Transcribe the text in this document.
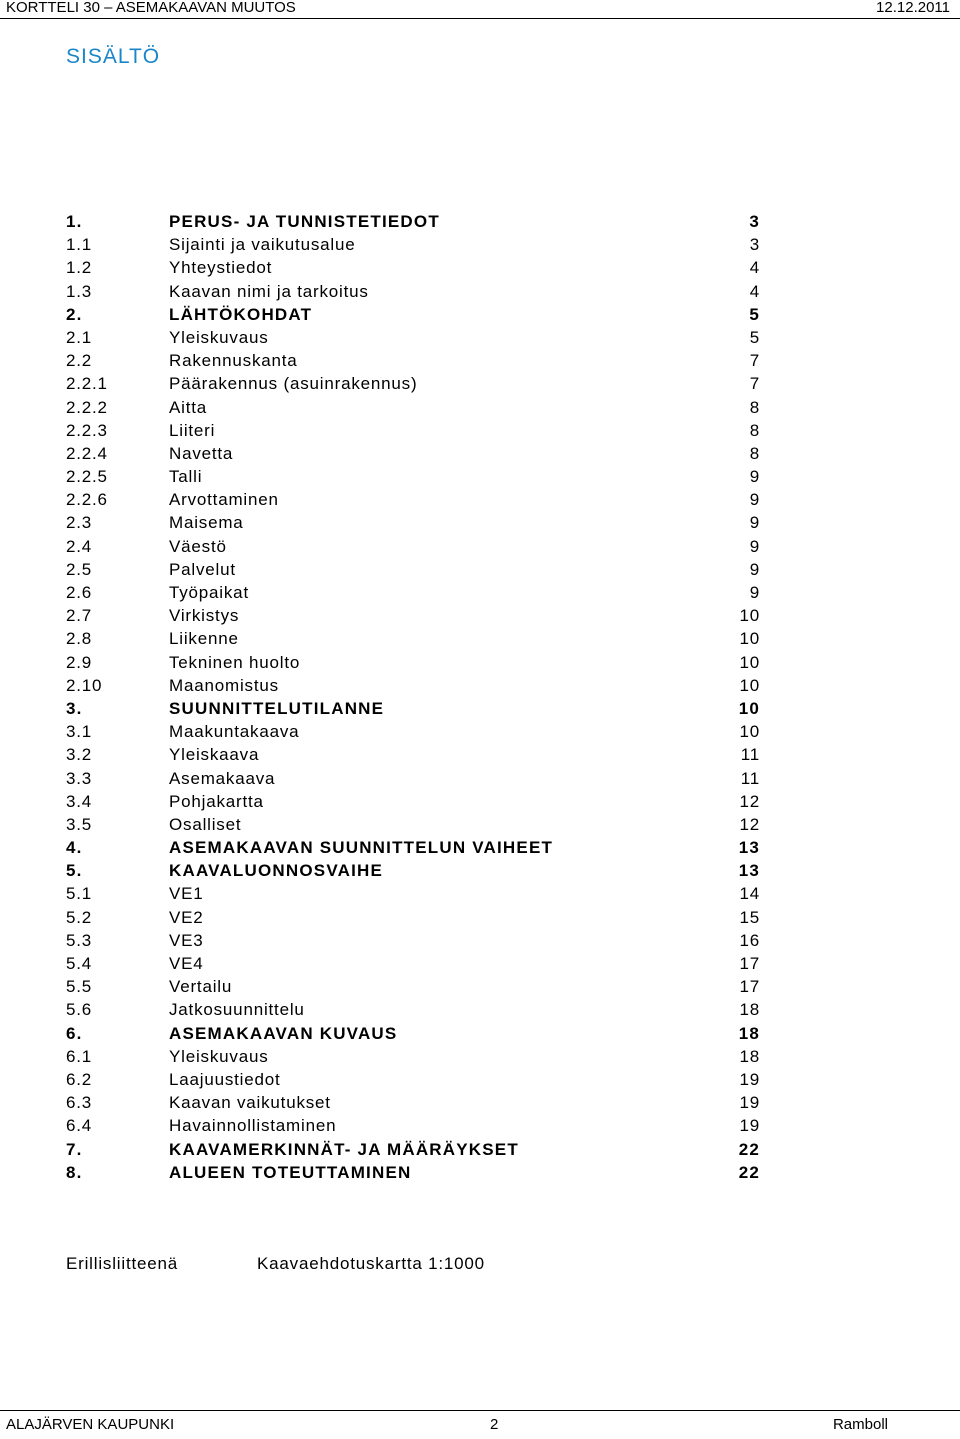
KORTTELI 30 – ASEMAKAAVAN MUUTOS	12.12.2011
SISÄLTÖ
1.	PERUS- JA TUNNISTETIEDOT	3
1.1	Sijainti ja vaikutusalue	3
1.2	Yhteystiedot	4
1.3	Kaavan nimi ja tarkoitus	4
2.	LÄHTÖKOHDAT	5
2.1	Yleiskuvaus	5
2.2	Rakennuskanta	7
2.2.1	Päärakennus (asuinrakennus)	7
2.2.2	Aitta	8
2.2.3	Liiteri	8
2.2.4	Navetta	8
2.2.5	Talli	9
2.2.6	Arvottaminen	9
2.3	Maisema	9
2.4	Väestö	9
2.5	Palvelut	9
2.6	Työpaikat	9
2.7	Virkistys	10
2.8	Liikenne	10
2.9	Tekninen huolto	10
2.10	Maanomistus	10
3.	SUUNNITTELUTILANNE	10
3.1	Maakuntakaava	10
3.2	Yleiskaava	11
3.3	Asemakaava	11
3.4	Pohjakartta	12
3.5	Osalliset	12
4.	ASEMAKAAVAN SUUNNITTELUN VAIHEET	13
5.	KAAVALUONNOSVAIHE	13
5.1	VE1	14
5.2	VE2	15
5.3	VE3	16
5.4	VE4	17
5.5	Vertailu	17
5.6	Jatkosuunnittelu	18
6.	ASEMAKAAVAN KUVAUS	18
6.1	Yleiskuvaus	18
6.2	Laajuustiedot	19
6.3	Kaavan vaikutukset	19
6.4	Havainnollistaminen	19
7.	KAAVAMERKINNÄT- JA MÄÄRÄYKSET	22
8.	ALUEEN TOTEUTTAMINEN	22
Erillisliitteenä	Kaavaehdotuskartta 1:1000
ALAJÄRVEN KAUPUNKI	2	Ramboll
